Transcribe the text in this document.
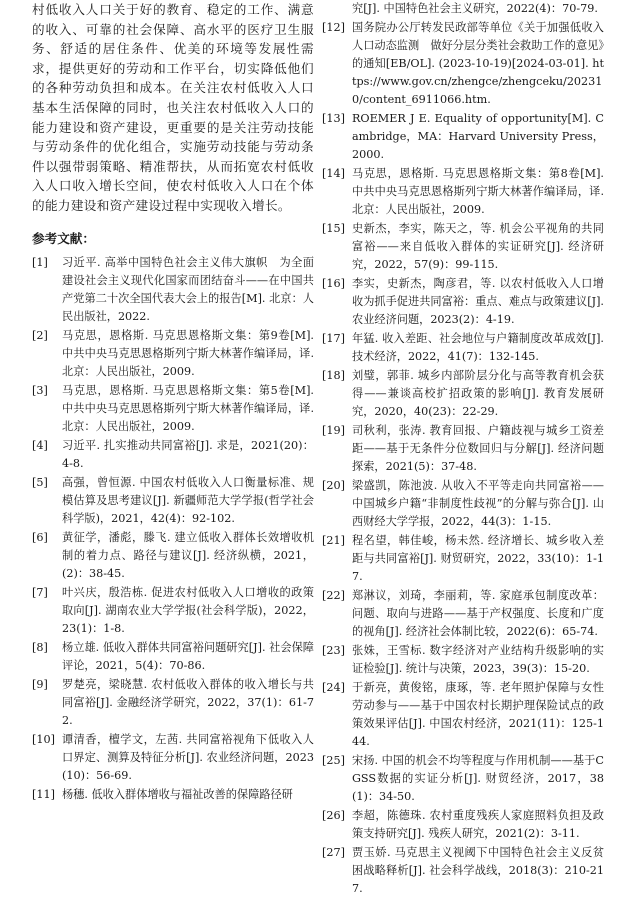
村低收入人口关于好的教育、稳定的工作、满意的收入、可靠的社会保障、高水平的医疗卫生服务、舒适的居住条件、优美的环境等发展性需求，提供更好的劳动和工作平台，切实降低他们的各种劳动负担和成本。在关注农村低收入人口基本生活保障的同时，也关注农村低收入人口的能力建设和资产建设，更重要的是关注劳动技能与劳动条件的优化组合，实施劳动技能与劳动条件以强带弱策略、精准帮扶，从而拓宽农村低收入人口收入增长空间，使农村低收入人口在个体的能力建设和资产建设过程中实现收入增长。

参考文献：
[1]	习近平. 高举中国特色社会主义伟大旗帜　为全面建设社会主义现代化国家而团结奋斗——在中国共产党第二十次全国代表大会上的报告[M]. 北京：人民出版社，2022.
[2]	马克思，恩格斯. 马克思恩格斯文集：第9卷[M]. 中共中央马克思恩格斯列宁斯大林著作编译局，译. 北京：人民出版社，2009.
[3]	马克思，恩格斯. 马克思恩格斯文集：第5卷[M]. 中共中央马克思恩格斯列宁斯大林著作编译局，译. 北京：人民出版社，2009.
[4]	习近平. 扎实推动共同富裕[J]. 求是，2021(20)：4-8.
[5]	高强，曾恒源. 中国农村低收入人口衡量标准、规模估算及思考建议[J]. 新疆师范大学学报(哲学社会科学版)，2021，42(4)：92-102.
[6]	黄征学，潘彪，滕飞. 建立低收入群体长效增收机制的着力点、路径与建议[J]. 经济纵横，2021，(2)：38-45.
[7]	叶兴庆，殷浩栋. 促进农村低收入人口增收的政策取向[J]. 湖南农业大学学报(社会科学版)，2022，23(1)：1-8.
[8]	杨立雄. 低收入群体共同富裕问题研究[J]. 社会保障评论，2021，5(4)：70-86.
[9]	罗楚亮，梁晓慧. 农村低收入群体的收入增长与共同富裕[J]. 金融经济学研究，2022，37(1)：61-72.
[10] 谭清香，檀学文，左茜. 共同富裕视角下低收入人口界定、测算及特征分析[J]. 农业经济问题，2023(10)：56-69.
[11] 杨穗. 低收入群体增收与福祉改善的保障路径研
究[J]. 中国特色社会主义研究，2022(4)：70-79.
[12] 国务院办公厅转发民政部等单位《关于加强低收入人口动态监测　做好分层分类社会救助工作的意见》的通知[EB/OL]. (2023-10-19)[2024-03-01]. https://www.gov.cn/zhengce/zhengceku/202310/content_6911066.htm.
[13] ROEMER J E. Equality of opportunity[M]. Cambridge，MA：Harvard University Press，2000.
[14] 马克思，恩格斯. 马克思恩格斯文集：第8卷[M]. 中共中央马克思恩格斯列宁斯大林著作编译局，译. 北京：人民出版社，2009.
[15] 史新杰，李实，陈天之，等. 机会公平视角的共同富裕——来自低收入群体的实证研究[J]. 经济研究，2022，57(9)：99-115.
[16] 李实，史新杰，陶彦君，等. 以农村低收入人口增收为抓手促进共同富裕：重点、难点与政策建议[J]. 农业经济问题，2023(2)：4-19.
[17] 年猛. 收入差距、社会地位与户籍制度改革成效[J]. 技术经济，2022，41(7)：132-145.
[18] 刘璧，郭菲. 城乡内部阶层分化与高等教育机会获得——兼谈高校扩招政策的影响[J]. 教育发展研究，2020，40(23)：22-29.
[19] 司秋利，张涛. 教育回报、户籍歧视与城乡工资差距——基于无条件分位数回归与分解[J]. 经济问题探索，2021(5)：37-48.
[20] 梁盛凯，陈池波. 从收入不平等走向共同富裕——中国城乡户籍“非制度性歧视”的分解与弥合[J]. 山西财经大学学报，2022，44(3)：1-15.
[21] 程名望，韩佳峻，杨未然. 经济增长、城乡收入差距与共同富裕[J]. 财贸研究，2022，33(10)：1-17.
[22] 郑淋议，刘琦，李丽莉，等. 家庭承包制度改革：问题、取向与进路——基于产权强度、长度和广度的视角[J]. 经济社会体制比较，2022(6)：65-74.
[23] 张姝，王雪标. 数字经济对产业结构升级影响的实证检验[J]. 统计与决策，2023，39(3)：15-20.
[24] 于新亮，黄俊铭，康琢，等. 老年照护保障与女性劳动参与——基于中国农村长期护理保险试点的政策效果评估[J]. 中国农村经济，2021(11)：125-144.
[25] 宋扬. 中国的机会不均等程度与作用机制——基于CGSS数据的实证分析[J]. 财贸经济，2017，38(1)：34-50.
[26] 李超，陈德珠. 农村重度残疾人家庭照料负担及政策支持研究[J]. 残疾人研究，2021(2)：3-11.
[27] 贾玉娇. 马克思主义视阈下中国特色社会主义反贫困战略释析[J]. 社会科学战线，2018(3)：210-217.
